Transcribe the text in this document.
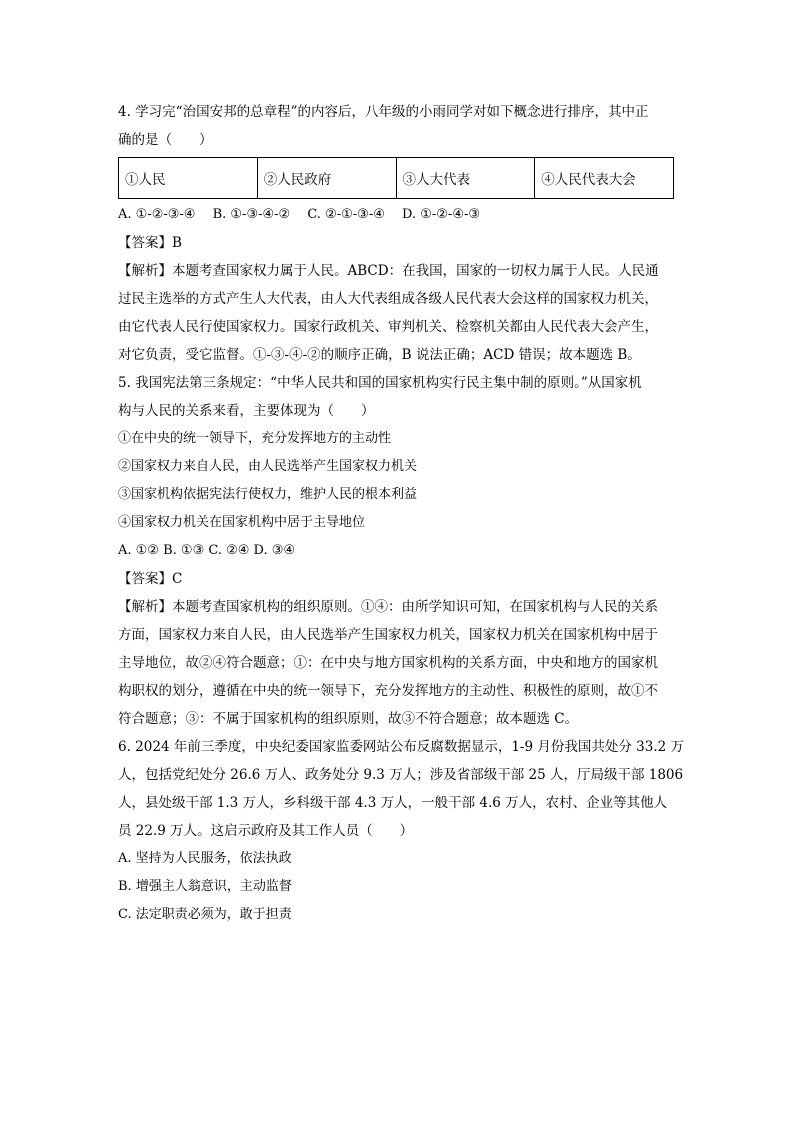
4. 学习完“治国安邦的总章程”的内容后，八年级的小雨同学对如下概念进行排序，其中正

确的是（　　）

①人民	②人民政府	③人大代表	④人民代表大会

A. ①-②-③-④　 B. ①-③-④-②　 C. ②-①-③-④　 D. ①-②-④-③

【答案】B

【解析】本题考查国家权力属于人民。ABCD：在我国，国家的一切权力属于人民。人民通

过民主选举的方式产生人大代表，由人大代表组成各级人民代表大会这样的国家权力机关，

由它代表人民行使国家权力。国家行政机关、审判机关、检察机关都由人民代表大会产生，

对它负责，受它监督。①-③-④-②的顺序正确，B 说法正确；ACD 错误；故本题选 B。

5. 我国宪法第三条规定：“中华人民共和国的国家机构实行民主集中制的原则。”从国家机

构与人民的关系来看，主要体现为（　　）

①在中央的统一领导下，充分发挥地方的主动性

②国家权力来自人民，由人民选举产生国家权力机关

③国家机构依据宪法行使权力，维护人民的根本利益

④国家权力机关在国家机构中居于主导地位

A. ①② B. ①③ C. ②④ D. ③④

【答案】C

【解析】本题考查国家机构的组织原则。①④：由所学知识可知，在国家机构与人民的关系

方面，国家权力来自人民，由人民选举产生国家权力机关，国家权力机关在国家机构中居于

主导地位，故②④符合题意；①：在中央与地方国家机构的关系方面，中央和地方的国家机

构职权的划分，遵循在中央的统一领导下，充分发挥地方的主动性、积极性的原则，故①不

符合题意；③：不属于国家机构的组织原则，故③不符合题意；故本题选 C。

6. 2024 年前三季度，中央纪委国家监委网站公布反腐数据显示，1-9 月份我国共处分 33.2 万

人，包括党纪处分 26.6 万人、政务处分 9.3 万人；涉及省部级干部 25 人，厅局级干部 1806

人，县处级干部 1.3 万人，乡科级干部 4.3 万人，一般干部 4.6 万人，农村、企业等其他人

员 22.9 万人。这启示政府及其工作人员（　　）

A. 坚持为人民服务，依法执政

B. 增强主人翁意识，主动监督

C. 法定职责必须为，敢于担责
